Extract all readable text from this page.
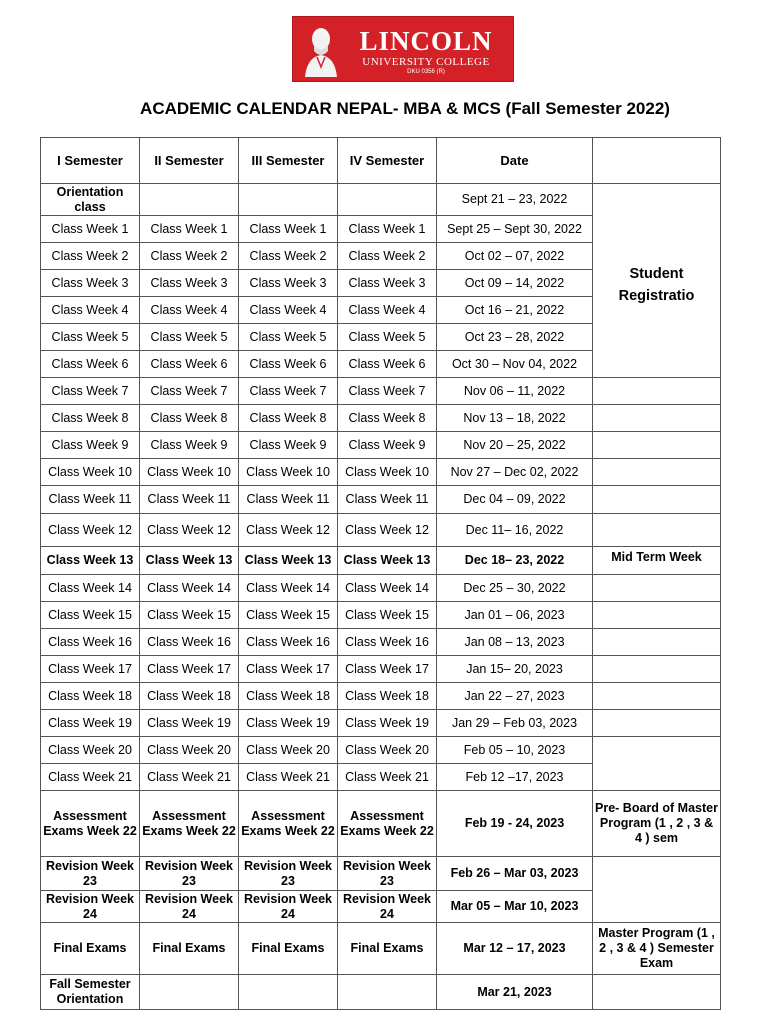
LINCOLN
UNIVERSITY COLLEGE
DKU 0356 (R)
ACADEMIC CALENDAR NEPAL- MBA & MCS (Fall Semester 2022)
I Semester	II Semester	III Semester	IV Semester	Date	
Orientation class				Sept 21 – 23, 2022	Student Registratio

Class Week 1	Class Week 1	Class Week 1	Class Week 1	Sept 25 – Sept 30, 2022	
Class Week 2	Class Week 2	Class Week 2	Class Week 2	Oct 02 – 07, 2022	
Class Week 3	Class Week 3	Class Week 3	Class Week 3	Oct 09 – 14, 2022	
Class Week 4	Class Week 4	Class Week 4	Class Week 4	Oct 16 – 21, 2022	
Class Week 5	Class Week 5	Class Week 5	Class Week 5	Oct 23 – 28, 2022	
Class Week 6	Class Week 6	Class Week 6	Class Week 6	Oct 30 – Nov 04, 2022	
Class Week 7	Class Week 7	Class Week 7	Class Week 7	Nov 06 – 11, 2022	
Class Week 8	Class Week 8	Class Week 8	Class Week 8	Nov 13 – 18, 2022	
Class Week 9	Class Week 9	Class Week 9	Class Week 9	Nov 20 – 25, 2022	
Class Week 10	Class Week 10	Class Week 10	Class Week 10	Nov 27 – Dec 02, 2022	
Class Week 11	Class Week 11	Class Week 11	Class Week 11	Dec 04 – 09, 2022	
Class Week 12	Class Week 12	Class Week 12	Class Week 12	Dec 11– 16, 2022	
Class Week 13	Class Week 13	Class Week 13	Class Week 13	Dec 18– 23, 2022	Mid Term Week
Class Week 14	Class Week 14	Class Week 14	Class Week 14	Dec 25 – 30, 2022	
Class Week 15	Class Week 15	Class Week 15	Class Week 15	Jan 01 – 06, 2023	
Class Week 16	Class Week 16	Class Week 16	Class Week 16	Jan 08 – 13, 2023	
Class Week 17	Class Week 17	Class Week 17	Class Week 17	Jan 15– 20, 2023	
Class Week 18	Class Week 18	Class Week 18	Class Week 18	Jan 22 – 27, 2023	
Class Week 19	Class Week 19	Class Week 19	Class Week 19	Jan 29 – Feb 03, 2023	
Class Week 20	Class Week 20	Class Week 20	Class Week 20	Feb 05 – 10, 2023	
Class Week 21	Class Week 21	Class Week 21	Class Week 21	Feb 12 –17, 2023	
Assessment Exams Week 22	Assessment Exams Week 22	Assessment Exams Week 22	Assessment Exams Week 22	Feb 19 - 24, 2023	Pre- Board of Master Program (1 , 2 , 3 & 4 ) sem
Revision Week 23	Revision Week 23	Revision Week 23	Revision Week 23	Feb 26 – Mar 03, 2023	
Revision Week 24	Revision Week 24	Revision Week 24	Revision Week 24	Mar 05 – Mar 10, 2023	
Final Exams	Final Exams	Final Exams	Final Exams	Mar 12 – 17, 2023	Master Program (1 , 2 , 3 & 4 ) Semester Exam
Fall Semester Orientation				Mar 21, 2023	
